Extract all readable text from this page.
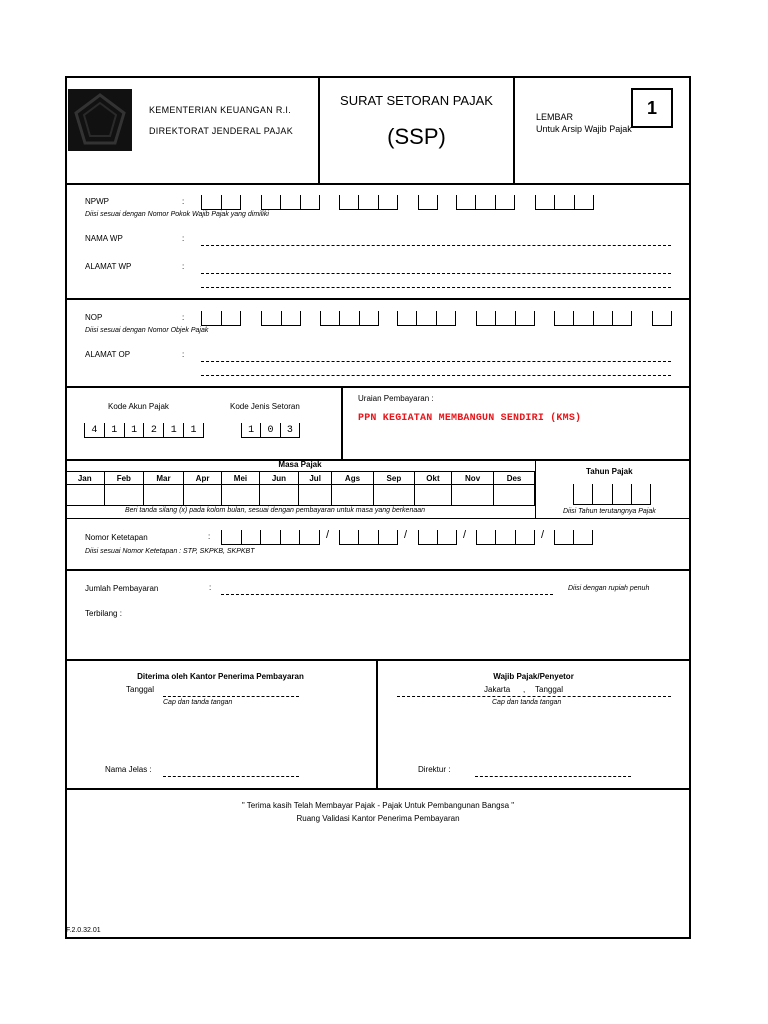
KEMENTERIAN KEUANGAN R.I.
DIREKTORAT JENDERAL PAJAK
SURAT SETORAN PAJAK
(SSP)
LEMBAR	1
Untuk Arsip Wajib Pajak
NPWP	:
Diisi sesuai dengan Nomor Pokok Wajib Pajak yang dimiliki
NAMA WP	:
ALAMAT WP	:
NOP	:
Diisi sesuai dengan Nomor Objek Pajak
ALAMAT OP	:
Kode Akun Pajak
4	1	1	2	1	1
Kode Jenis Setoran
1	0	3
Uraian Pembayaran :
PPN KEGIATAN MEMBANGUN SENDIRI (KMS)
Masa Pajak
Jan	Feb	Mar	Apr	Mei	Jun	Jul	Ags	Sep	Okt	Nov	Des

Beri tanda silang (x) pada kolom bulan, sesuai dengan pembayaran untuk masa yang berkenaan
Tahun Pajak
Diisi Tahun terutangnya Pajak
Nomor Ketetapan	:	/	/	/	/
Diisi sesuai Nomor Ketetapan : STP, SKPKB, SKPKBT
Jumlah Pembayaran	:	Diisi dengan rupiah penuh
Terbilang :
Diterima oleh Kantor Penerima Pembayaran
Tanggal
Cap dan tanda tangan
Nama Jelas :
Wajib Pajak/Penyetor
Jakarta , Tanggal
Cap dan tanda tangan
Direktur :
" Terima kasih Telah Membayar Pajak - Pajak Untuk Pembangunan Bangsa "
Ruang Validasi Kantor Penerima Pembayaran
F.2.0.32.01
